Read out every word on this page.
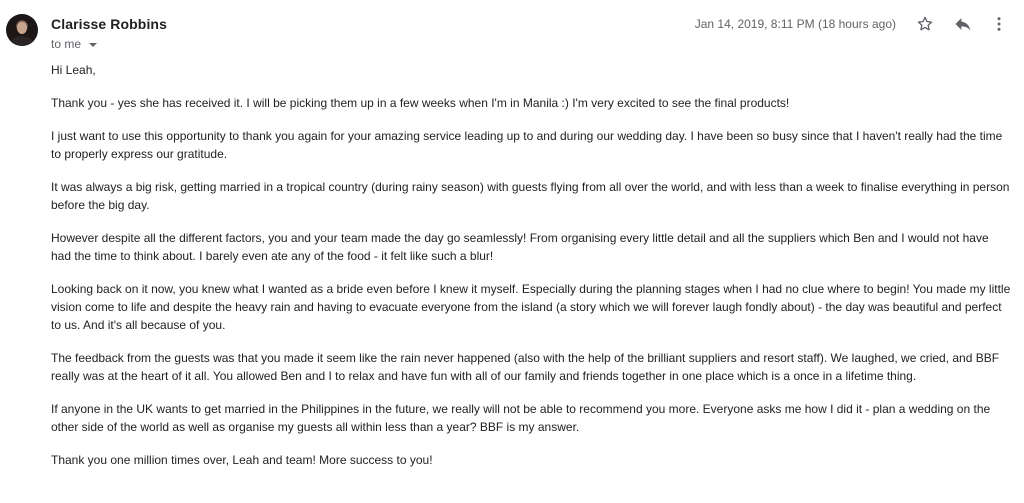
Clarisse Robbins
to me
Jan 14, 2019, 8:11 PM (18 hours ago)

Hi Leah,

Thank you - yes she has received it. I will be picking them up in a few weeks when I'm in Manila :) I'm very excited to see the final products!

I just want to use this opportunity to thank you again for your amazing service leading up to and during our wedding day. I have been so busy since that I haven't really had the time to properly express our gratitude.

It was always a big risk, getting married in a tropical country (during rainy season) with guests flying from all over the world, and with less than a week to finalise everything in person before the big day.

However despite all the different factors, you and your team made the day go seamlessly! From organising every little detail and all the suppliers which Ben and I would not have had the time to think about. I barely even ate any of the food - it felt like such a blur!

Looking back on it now, you knew what I wanted as a bride even before I knew it myself. Especially during the planning stages when I had no clue where to begin! You made my little vision come to life and despite the heavy rain and having to evacuate everyone from the island (a story which we will forever laugh fondly about) - the day was beautiful and perfect to us. And it's all because of you.

The feedback from the guests was that you made it seem like the rain never happened (also with the help of the brilliant suppliers and resort staff). We laughed, we cried, and BBF really was at the heart of it all. You allowed Ben and I to relax and have fun with all of our family and friends together in one place which is a once in a lifetime thing.

If anyone in the UK wants to get married in the Philippines in the future, we really will not be able to recommend you more. Everyone asks me how I did it - plan a wedding on the other side of the world as well as organise my guests all within less than a year? BBF is my answer.

Thank you one million times over, Leah and team! More success to you!
